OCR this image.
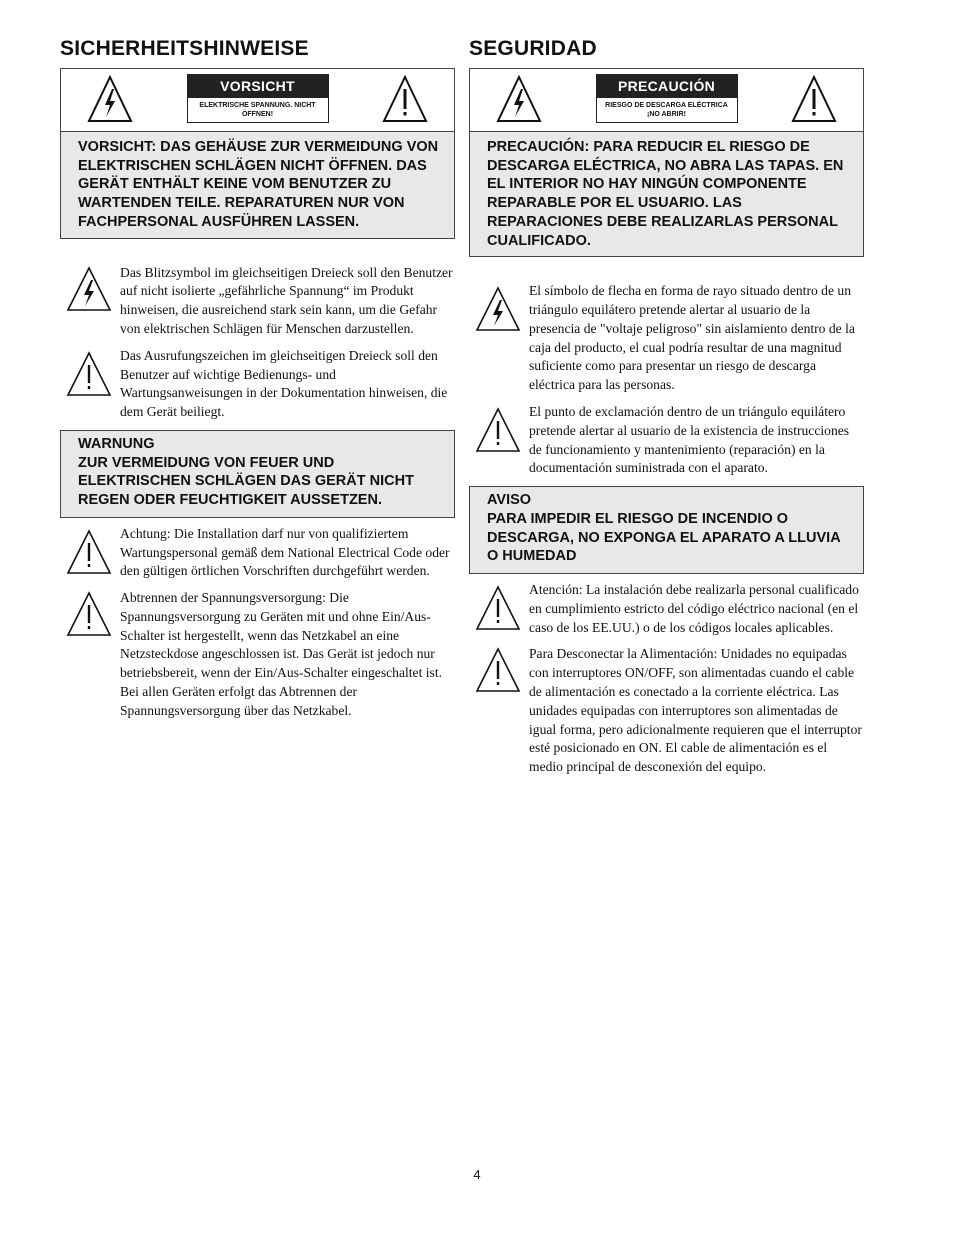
SICHERHEITSHINWEISE
VORSICHT
ELEKTRISCHE SPANNUNG. NICHT ÖFFNEN!

VORSICHT: DAS GEHÄUSE ZUR VERMEIDUNG VON ELEKTRISCHEN SCHLÄGEN NICHT ÖFFNEN. DAS GERÄT ENTHÄLT KEINE VOM BENUTZER ZU WARTENDEN TEILE. REPARATUREN NUR VON FACHPERSONAL AUSFÜHREN LASSEN.

Das Blitzsymbol im gleichseitigen Dreieck soll den Benutzer auf nicht isolierte „gefährliche Spannung“ im Produkt hinweisen, die ausreichend stark sein kann, um die Gefahr von elektrischen Schlägen für Menschen darzustellen.

Das Ausrufungszeichen im gleichseitigen Dreieck soll den Benutzer auf wichtige Bedienungs- und Wartungsanweisungen in der Dokumentation hinweisen, die dem Gerät beiliegt.

WARNUNG

ZUR VERMEIDUNG VON FEUER UND ELEKTRISCHEN SCHLÄGEN DAS GERÄT NICHT REGEN ODER FEUCHTIGKEIT AUSSETZEN.

Achtung: Die Installation darf nur von qualifiziertem Wartungspersonal gemäß dem National Electrical Code oder den gültigen örtlichen Vorschriften durchgeführt werden.

Abtrennen der Spannungsversorgung: Die Spannungsversorgung zu Geräten mit und ohne Ein/Aus-Schalter ist hergestellt, wenn das Netzkabel an eine Netzsteckdose angeschlossen ist. Das Gerät ist jedoch nur betriebsbereit, wenn der Ein/Aus-Schalter eingeschaltet ist. Bei allen Geräten erfolgt das Abtrennen der Spannungsversorgung über das Netzkabel.

SEGURIDAD
PRECAUCIÓN
RIESGO DE DESCARGA ELÉCTRICA ¡NO ABRIR!

PRECAUCIÓN: PARA REDUCIR EL RIESGO DE DESCARGA ELÉCTRICA, NO ABRA LAS TAPAS. EN EL INTERIOR NO HAY NINGÚN COMPONENTE REPARABLE POR EL USUARIO. LAS REPARACIONES DEBE REALIZARLAS PERSONAL CUALIFICADO.

El símbolo de flecha en forma de rayo situado dentro de un triángulo equilátero pretende alertar al usuario de la presencia de "voltaje peligroso" sin aislamiento dentro de la caja del producto, el cual podría resultar de una magnitud suficiente como para presentar un riesgo de descarga eléctrica para las personas.

El punto de exclamación dentro de un triángulo equilátero pretende alertar al usuario de la existencia de instrucciones de funcionamiento y mantenimiento (reparación) en la documentación suministrada con el aparato.

AVISO

PARA IMPEDIR EL RIESGO DE INCENDIO O DESCARGA, NO EXPONGA EL APARATO A LLUVIA O HUMEDAD

Atención: La instalación debe realizarla personal cualificado en cumplimiento estricto del código eléctrico nacional (en el caso de los EE.UU.) o de los códigos locales aplicables.

Para Desconectar la Alimentación: Unidades no equipadas con interruptores ON/OFF, son alimentadas cuando el cable de alimentación es conectado a la corriente eléctrica. Las unidades equipadas con interruptores son alimentadas de igual forma, pero adicionalmente requieren que el interruptor esté posicionado en ON. El cable de alimentación es el medio principal de desconexión del equipo.

4
